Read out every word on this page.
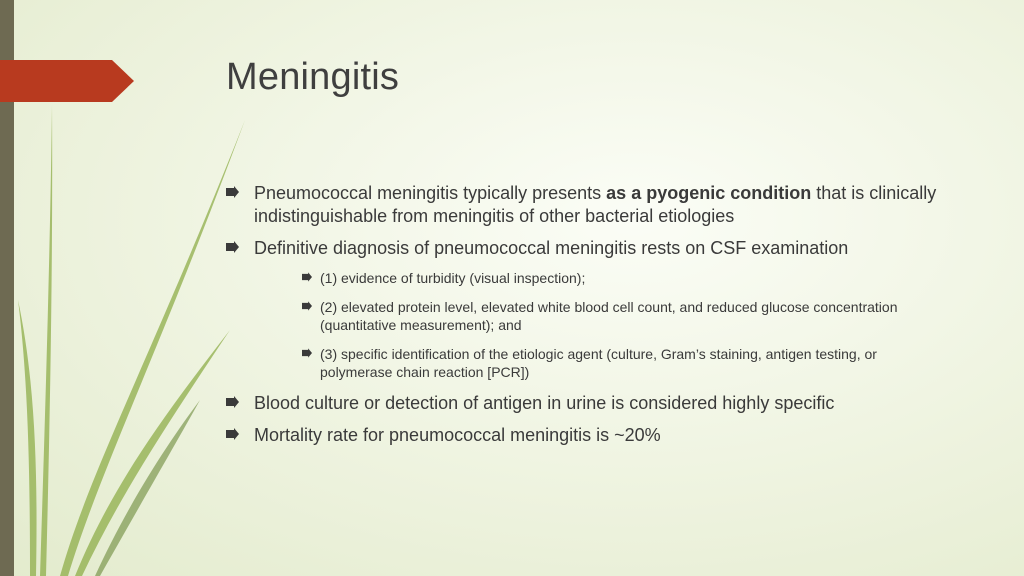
Meningitis
Pneumococcal meningitis typically presents as a pyogenic condition that is clinically indistinguishable from meningitis of other bacterial etiologies
Definitive diagnosis of pneumococcal meningitis rests on CSF examination
(1) evidence of turbidity (visual inspection);
(2) elevated protein level, elevated white blood cell count, and reduced glucose concentration (quantitative measurement); and
(3) specific identification of the etiologic agent (culture, Gram’s staining, antigen testing, or polymerase chain reaction [PCR])
Blood culture or detection of antigen in urine is considered highly specific
Mortality rate for pneumococcal meningitis is ~20%
